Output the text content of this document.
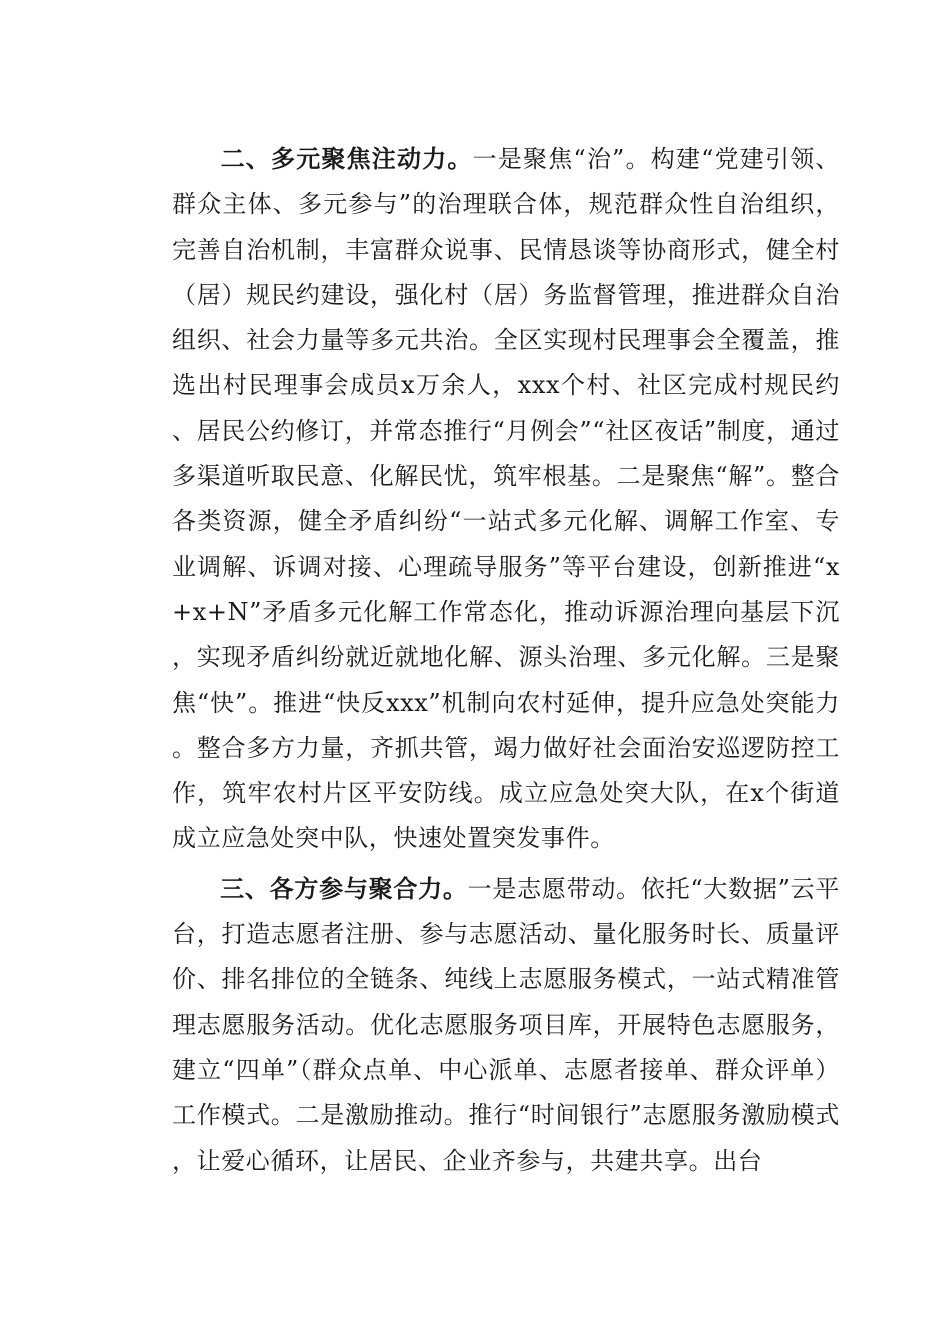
二、多元聚焦注动力。一是聚焦“治”。构建“党建引领、群众主体、多元参与”的治理联合体，规范群众性自治组织，完善自治机制，丰富群众说事、民情恳谈等协商形式，健全村（居）规民约建设，强化村（居）务监督管理，推进群众自治组织、社会力量等多元共治。全区实现村民理事会全覆盖，推选出村民理事会成员x万余人，xxx个村、社区完成村规民约、居民公约修订，并常态推行“月例会”“社区夜话”制度，通过多渠道听取民意、化解民忧，筑牢根基。二是聚焦“解”。整合各类资源，健全矛盾纠纷“一站式多元化解、调解工作室、专业调解、诉调对接、心理疏导服务”等平台建设，创新推进“x+x+N”矛盾多元化解工作常态化，推动诉源治理向基层下沉，实现矛盾纠纷就近就地化解、源头治理、多元化解。三是聚焦“快”。推进“快反xxx”机制向农村延伸，提升应急处突能力。整合多方力量，齐抓共管，竭力做好社会面治安巡逻防控工作，筑牢农村片区平安防线。成立应急处突大队，在x个街道成立应急处突中队，快速处置突发事件。

三、各方参与聚合力。一是志愿带动。依托“大数据”云平台，打造志愿者注册、参与志愿活动、量化服务时长、质量评价、排名排位的全链条、纯线上志愿服务模式，一站式精准管理志愿服务活动。优化志愿服务项目库，开展特色志愿服务，建立“四单”（群众点单、中心派单、志愿者接单、群众评单）工作模式。二是激励推动。推行“时间银行”志愿服务激励模式，让爱心循环，让居民、企业齐参与，共建共享。出台
